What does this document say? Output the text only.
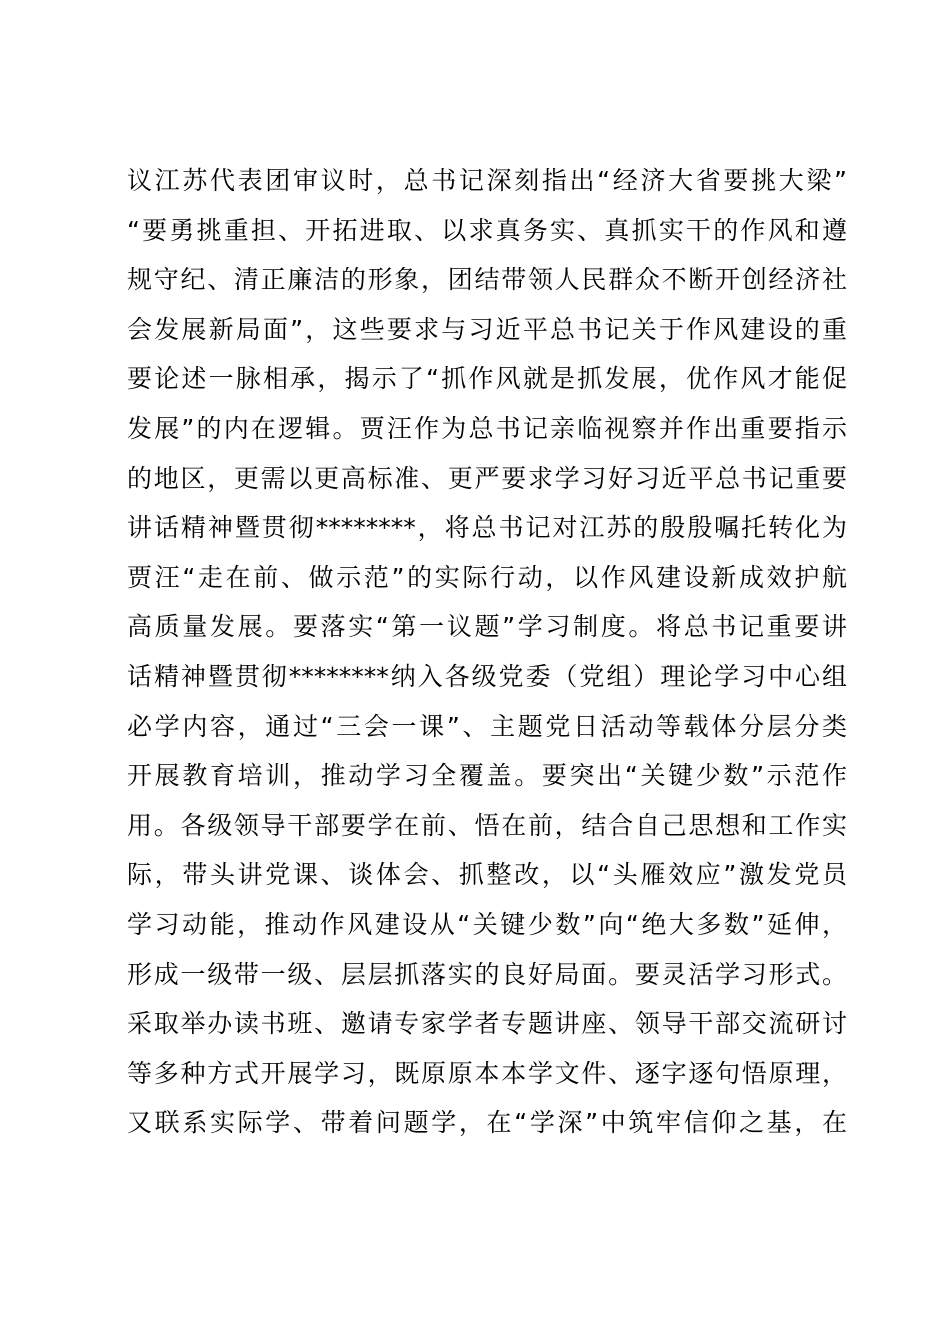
议江苏代表团审议时，总书记深刻指出“经济大省要挑大梁”
“要勇挑重担、开拓进取、以求真务实、真抓实干的作风和遵
规守纪、清正廉洁的形象，团结带领人民群众不断开创经济社
会发展新局面”，这些要求与习近平总书记关于作风建设的重
要论述一脉相承，揭示了“抓作风就是抓发展，优作风才能促
发展”的内在逻辑。贾汪作为总书记亲临视察并作出重要指示
的地区，更需以更高标准、更严要求学习好习近平总书记重要
讲话精神暨贯彻********，将总书记对江苏的殷殷嘱托转化为
贾汪“走在前、做示范”的实际行动，以作风建设新成效护航
高质量发展。要落实“第一议题”学习制度。将总书记重要讲
话精神暨贯彻********纳入各级党委（党组）理论学习中心组
必学内容，通过“三会一课”、主题党日活动等载体分层分类
开展教育培训，推动学习全覆盖。要突出“关键少数”示范作
用。各级领导干部要学在前、悟在前，结合自己思想和工作实
际，带头讲党课、谈体会、抓整改，以“头雁效应”激发党员
学习动能，推动作风建设从“关键少数”向“绝大多数”延伸，
形成一级带一级、层层抓落实的良好局面。要灵活学习形式。
采取举办读书班、邀请专家学者专题讲座、领导干部交流研讨
等多种方式开展学习，既原原本本学文件、逐字逐句悟原理，
又联系实际学、带着问题学，在“学深”中筑牢信仰之基，在
